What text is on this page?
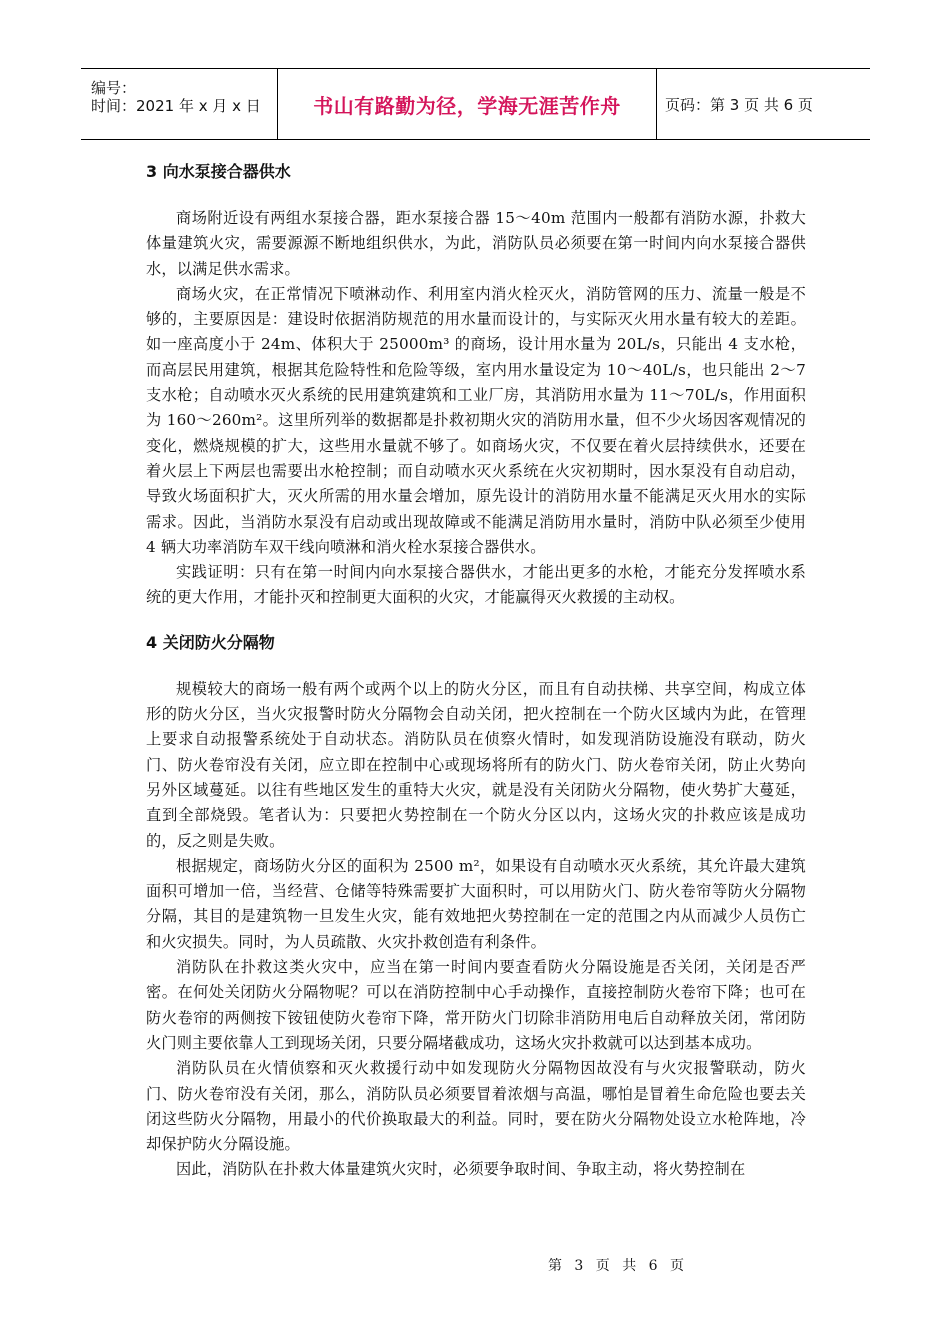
编号：
时间：2021 年 x 月 x 日	书山有路勤为径，学海无涯苦作舟	页码：第 3 页 共 6 页
3 向水泵接合器供水

商场附近设有两组水泵接合器，距水泵接合器 15～40m 范围内一般都有消防水源，扑救大体量建筑火灾，需要源源不断地组织供水，为此，消防队员必须要在第一时间内向水泵接合器供水，以满足供水需求。

商场火灾，在正常情况下喷淋动作、利用室内消火栓灭火，消防管网的压力、流量一般是不够的，主要原因是：建设时依据消防规范的用水量而设计的，与实际灭火用水量有较大的差距。如一座高度小于 24m、体积大于 25000m³ 的商场，设计用水量为 20L/s，只能出 4 支水枪，而高层民用建筑，根据其危险特性和危险等级，室内用水量设定为 10～40L/s，也只能出 2～7 支水枪；自动喷水灭火系统的民用建筑建筑和工业厂房，其消防用水量为 11～70L/s，作用面积为 160～260m²。这里所列举的数据都是扑救初期火灾的消防用水量，但不少火场因客观情况的变化，燃烧规模的扩大，这些用水量就不够了。如商场火灾，不仅要在着火层持续供水，还要在着火层上下两层也需要出水枪控制；而自动喷水灭火系统在火灾初期时，因水泵没有自动启动，导致火场面积扩大，灭火所需的用水量会增加，原先设计的消防用水量不能满足灭火用水的实际需求。因此，当消防水泵没有启动或出现故障或不能满足消防用水量时，消防中队必须至少使用 4 辆大功率消防车双干线向喷淋和消火栓水泵接合器供水。

实践证明：只有在第一时间内向水泵接合器供水，才能出更多的水枪，才能充分发挥喷水系统的更大作用，才能扑灭和控制更大面积的火灾，才能赢得灭火救援的主动权。

4 关闭防火分隔物

规模较大的商场一般有两个或两个以上的防火分区，而且有自动扶梯、共享空间，构成立体形的防火分区，当火灾报警时防火分隔物会自动关闭，把火控制在一个防火区域内为此，在管理上要求自动报警系统处于自动状态。消防队员在侦察火情时，如发现消防设施没有联动，防火门、防火卷帘没有关闭，应立即在控制中心或现场将所有的防火门、防火卷帘关闭，防止火势向另外区域蔓延。以往有些地区发生的重特大火灾，就是没有关闭防火分隔物，使火势扩大蔓延，直到全部烧毁。笔者认为：只要把火势控制在一个防火分区以内，这场火灾的扑救应该是成功的，反之则是失败。

根据规定，商场防火分区的面积为 2500 m²，如果设有自动喷水灭火系统，其允许最大建筑面积可增加一倍，当经营、仓储等特殊需要扩大面积时，可以用防火门、防火卷帘等防火分隔物分隔，其目的是建筑物一旦发生火灾，能有效地把火势控制在一定的范围之内从而减少人员伤亡和火灾损失。同时，为人员疏散、火灾扑救创造有利条件。

消防队在扑救这类火灾中，应当在第一时间内要查看防火分隔设施是否关闭，关闭是否严密。在何处关闭防火分隔物呢？可以在消防控制中心手动操作，直接控制防火卷帘下降；也可在防火卷帘的两侧按下铵钮使防火卷帘下降，常开防火门切除非消防用电后自动释放关闭，常闭防火门则主要依靠人工到现场关闭，只要分隔堵截成功，这场火灾扑救就可以达到基本成功。

消防队员在火情侦察和灭火救援行动中如发现防火分隔物因故没有与火灾报警联动，防火门、防火卷帘没有关闭，那么，消防队员必须要冒着浓烟与高温，哪怕是冒着生命危险也要去关闭这些防火分隔物，用最小的代价换取最大的利益。同时，要在防火分隔物处设立水枪阵地，冷却保护防火分隔设施。

因此，消防队在扑救大体量建筑火灾时，必须要争取时间、争取主动，将火势控制在

第 3 页 共 6 页
